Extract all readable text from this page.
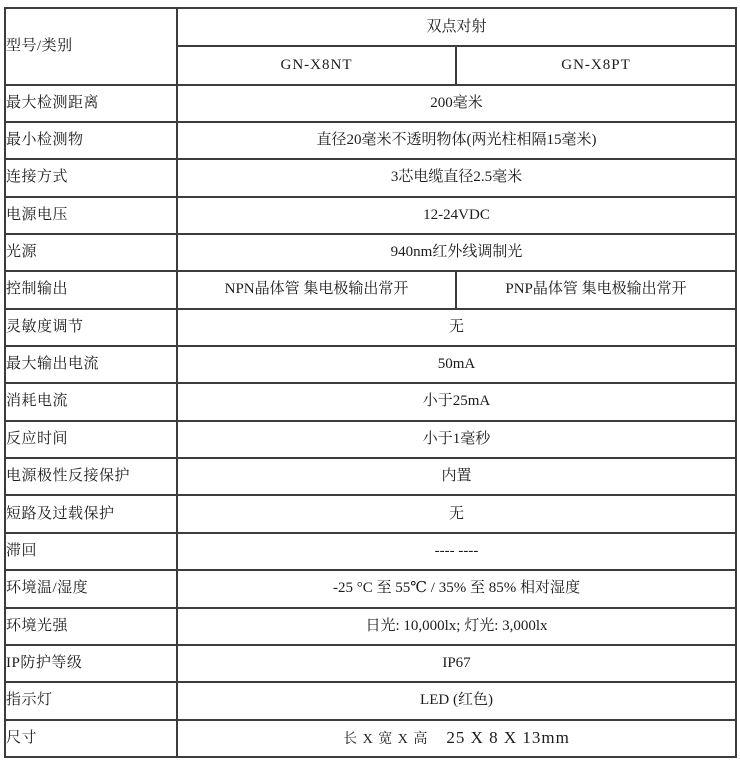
型号/类别	双点对射	
	GN-X8NT	GN-X8PT
最大检测距离	200毫米	
最小检测物	直径20毫米不透明物体(两光柱相隔15毫米)	
连接方式	3芯电缆直径2.5毫米	
电源电压	12-24VDC	
光源	940nm红外线调制光	
控制输出	NPN晶体管 集电极输出常开	PNP晶体管 集电极输出常开
灵敏度调节	无	
最大输出电流	50mA	
消耗电流	小于25mA	
反应时间	小于1毫秒	
电源极性反接保护	内置	
短路及过载保护	无	
滞回	---- ----	
环境温/湿度	-25 °C 至 55℃ / 35% 至 85% 相对湿度	
环境光强	日光: 10,000lx; 灯光: 3,000lx	
IP防护等级	IP67	
指示灯	LED (红色)	
尺寸	长 X 宽 X 高 25 X 8 X 13mm	
